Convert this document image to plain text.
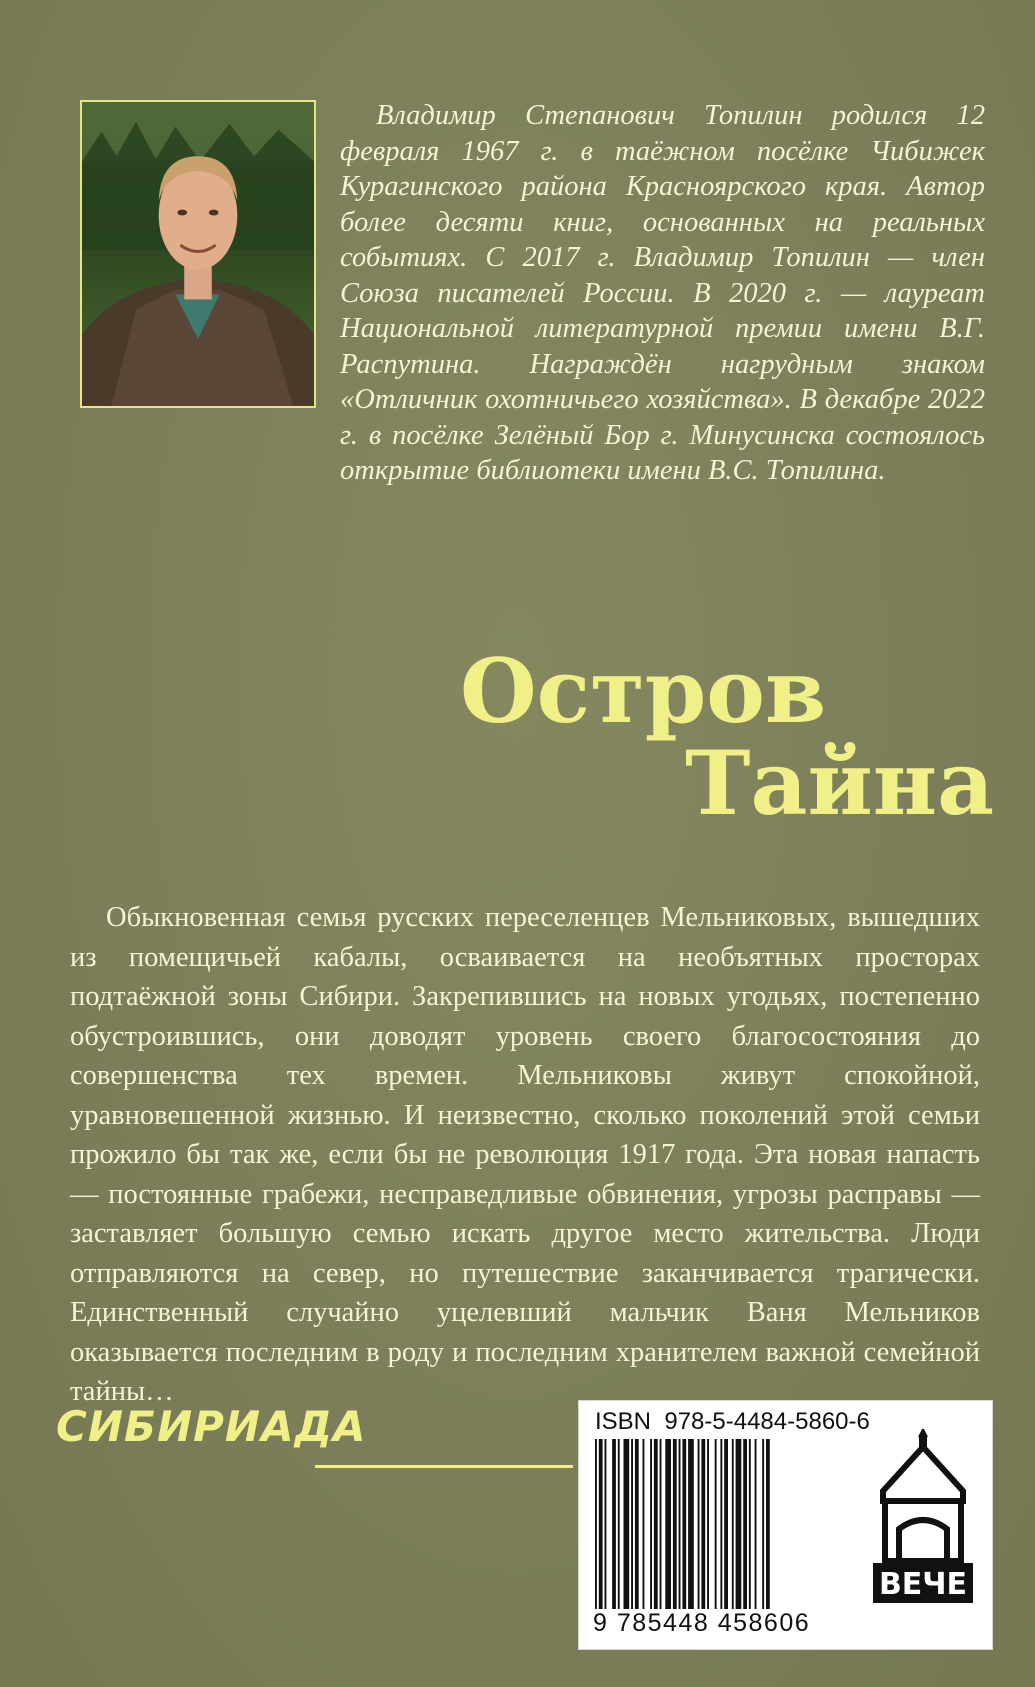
Владимир Степанович Топилин родился 12 февраля 1967 г. в таёжном посёлке Чибижек Курагинского района Красноярского края. Автор более десяти книг, основанных на реальных событиях. С 2017 г. Владимир Топилин — член Союза писателей России. В 2020 г. — лауреат Национальной литературной премии имени В.Г. Распутина. Награждён нагрудным знаком «Отличник охотничьего хозяйства». В декабре 2022 г. в посёлке Зелёный Бор г. Минусинска состоялось открытие библиотеки имени В.С. Топилина.

Остров
Тайна

Обыкновенная семья русских переселенцев Мельниковых, вышедших из помещичьей кабалы, осваивается на необъятных просторах подтаёжной зоны Сибири. Закрепившись на новых угодьях, постепенно обустроившись, они доводят уровень своего благосостояния до совершенства тех времен. Мельниковы живут спокойной, уравновешенной жизнью. И неизвестно, сколько поколений этой семьи прожило бы так же, если бы не революция 1917 года. Эта новая напасть — постоянные грабежи, несправедливые обвинения, угрозы расправы — заставляет большую семью искать другое место жительства. Люди отправляются на север, но путешествие заканчивается трагически. Единственный случайно уцелевший мальчик Ваня Мельников оказывается последним в роду и последним хранителем важной семейной тайны…

СИБИРИАДА	ISBN 978-5-4484-5860-6
9 785448 458606
ВЕЧЕ
